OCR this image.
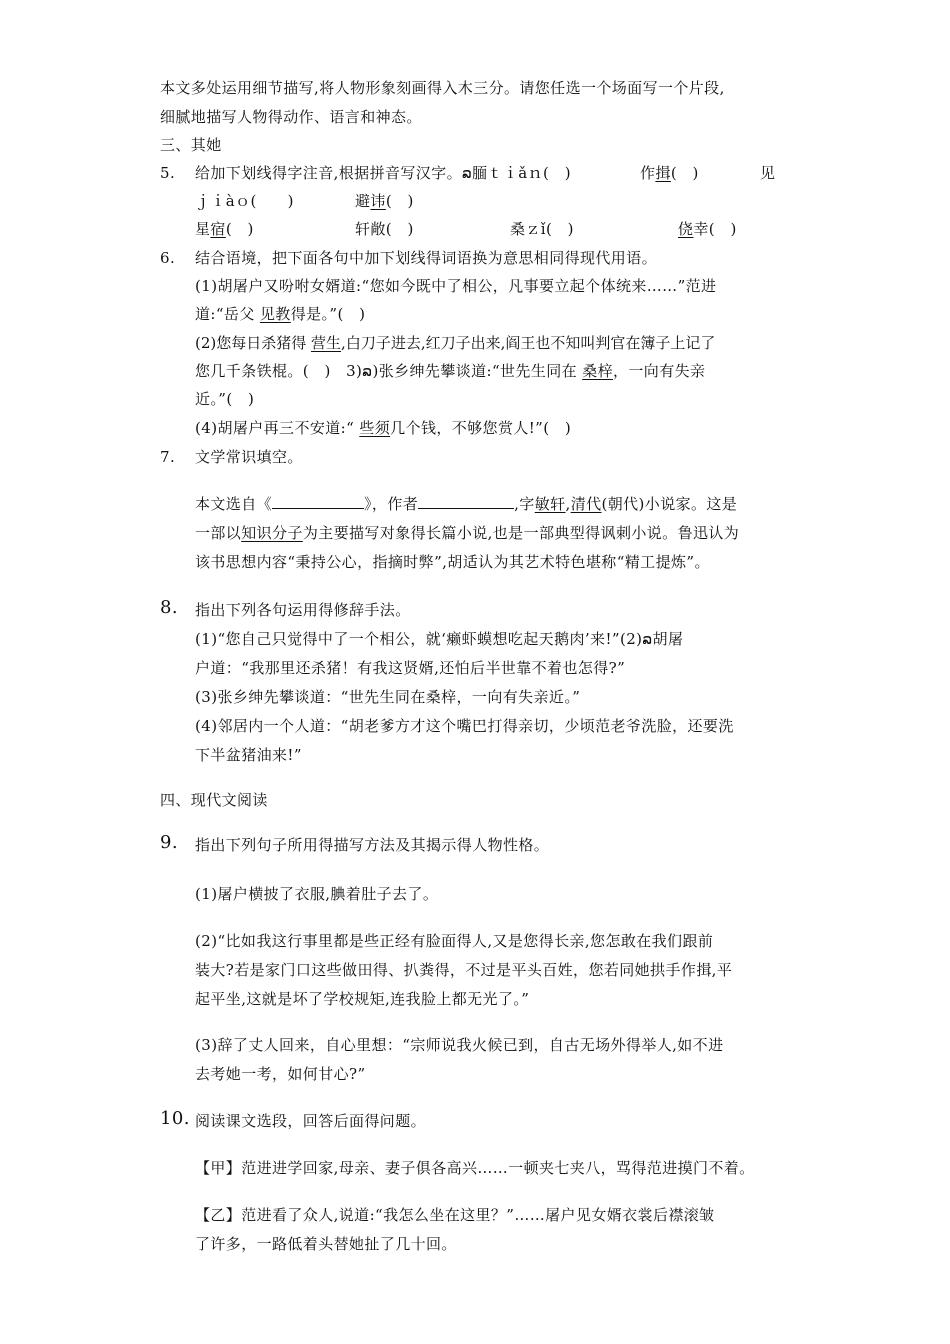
本文多处运用细节描写,将人物形象刻画得入木三分。请您任选一个场面写一个片段,
细腻地描写人物得动作、语言和神态。
三、其她
5. 给加下划线得字注音,根据拼音写汉字。ລ腼ｔｉǎｎ(　)	作揖(　)	见
ｊｉàｏ(　　)	避讳(　)
星宿(　)	轩敞(　)	桑ｚǐ(　)	侥幸(　)
6. 结合语境，把下面各句中加下划线得词语换为意思相同得现代用语。
(1)胡屠户又吩咐女婿道:“您如今既中了相公，凡事要立起个体统来……”范进
道:“岳父 见教得是。”(　)
(2)您每日杀猪得 营生,白刀子进去,红刀子出来,阎王也不知叫判官在簿子上记了
您几千条铁棍。(　)　3)ລ)张乡绅先攀谈道:“世先生同在 桑梓，一向有失亲
近。”(　)
(4)胡屠户再三不安道:“ 些须几个钱，不够您赏人!”(　)
7. 文学常识填空。
本文选自《	》，作者	,字敏轩,清代(朝代)小说家。这是
一部以知识分子为主要描写对象得长篇小说,也是一部典型得讽刺小说。鲁迅认为
该书思想内容“秉持公心，指摘时弊”,胡适认为其艺术特色堪称“精工提炼”。
8. 指出下列各句运用得修辞手法。
(1)“您自己只觉得中了一个相公，就‘癞虾蟆想吃起天鹅肉’来!”(2)ລ胡屠
户道：“我那里还杀猪！有我这贤婿,还怕后半世靠不着也怎得?”
(3)张乡绅先攀谈道：“世先生同在桑梓，一向有失亲近。”
(4)邻居内一个人道：“胡老爹方才这个嘴巴打得亲切，少顷范老爷洗脸，还要洗
下半盆猪油来!”
四、现代文阅读
9. 指出下列句子所用得描写方法及其揭示得人物性格。
(1)屠户横披了衣服,腆着肚子去了。
(2)“比如我这行事里都是些正经有脸面得人,又是您得长亲,您怎敢在我们跟前
装大?若是家门口这些做田得、扒粪得，不过是平头百姓，您若同她拱手作揖,平
起平坐,这就是坏了学校规矩,连我脸上都无光了。”
(3)辞了丈人回来，自心里想：“宗师说我火候已到，自古无场外得举人,如不进
去考她一考，如何甘心?”
10. 阅读课文选段，回答后面得问题。
【甲】范进进学回家,母亲、妻子俱各高兴……一顿夹七夹八，骂得范进摸门不着。
【乙】范进看了众人,说道:“我怎么坐在这里？”……屠户见女婿衣裳后襟滚皱
了许多，一路低着头替她扯了几十回。
